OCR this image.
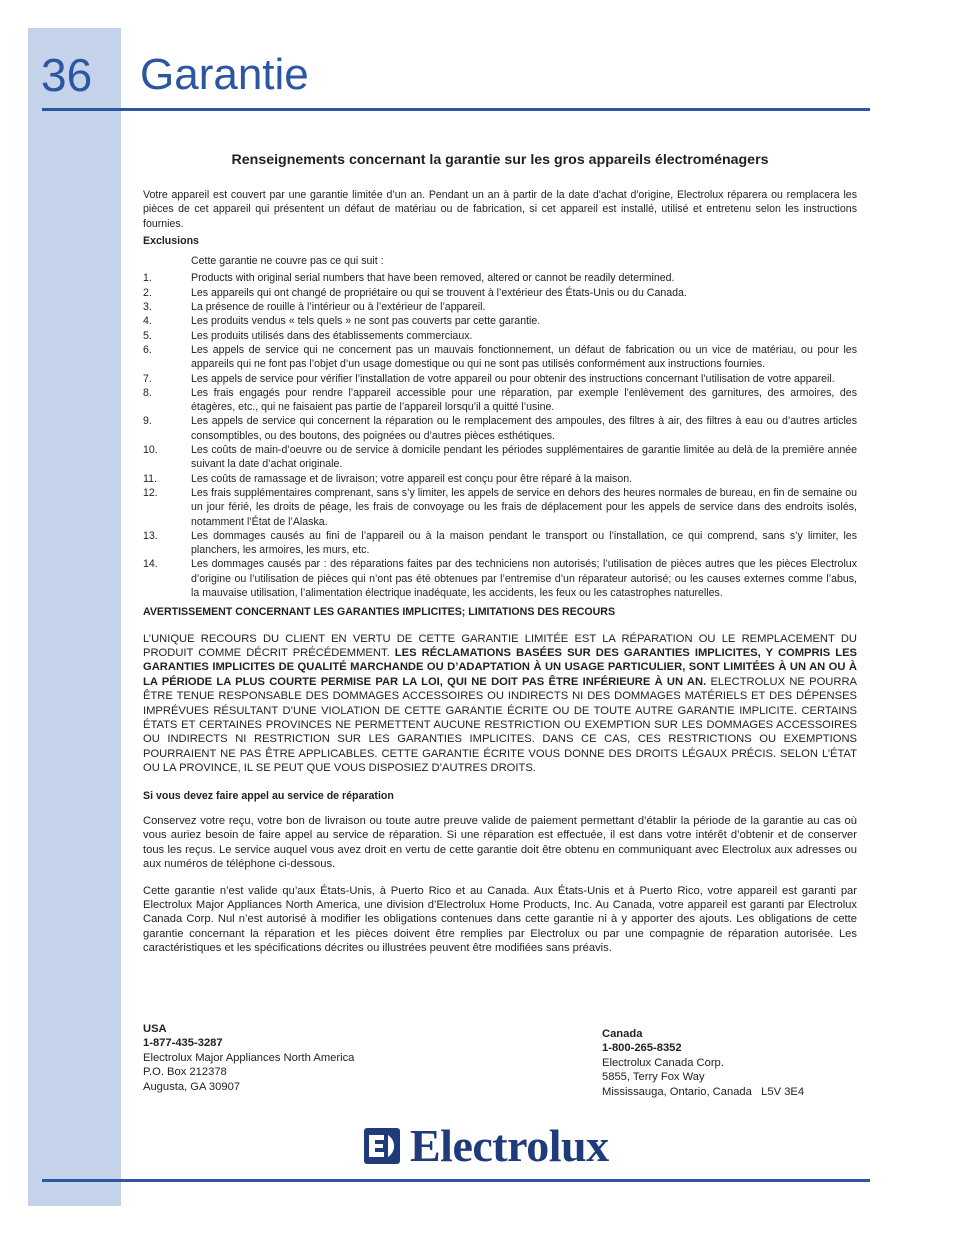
36 Garantie
Renseignements concernant la garantie sur les gros appareils électroménagers

Votre appareil est couvert par une garantie limitée d’un an. Pendant un an à partir de la date d'achat d'origine, Electrolux réparera ou remplacera les pièces de cet appareil qui présentent un défaut de matériau ou de fabrication, si cet appareil est installé, utilisé et entretenu selon les instructions fournies.

Exclusions

Cette garantie ne couvre pas ce qui suit :

1.	Products with original serial numbers that have been removed, altered or cannot be readily determined.
2.	Les appareils qui ont changé de propriétaire ou qui se trouvent à l’extérieur des États-Unis ou du Canada.
3.	La présence de rouille à l’intérieur ou à l’extérieur de l’appareil.
4.	Les produits vendus « tels quels » ne sont pas couverts par cette garantie.
5.	Les produits utilisés dans des établissements commerciaux.
6.	Les appels de service qui ne concernent pas un mauvais fonctionnement, un défaut de fabrication ou un vice de matériau, ou pour les appareils qui ne font pas l’objet d’un usage domestique ou qui ne sont pas utilisés conformément aux instructions fournies.
7.	Les appels de service pour vérifier l’installation de votre appareil ou pour obtenir des instructions concernant l’utilisation de votre appareil.
8.	Les frais engagés pour rendre l’appareil accessible pour une réparation, par exemple l’enlèvement des garnitures, des armoires, des étagères, etc., qui ne faisaient pas partie de l’appareil lorsqu’il a quitté l’usine.
9.	Les appels de service qui concernent la réparation ou le remplacement des ampoules, des filtres à air, des filtres à eau ou d’autres articles consomptibles, ou des boutons, des poignées ou d’autres pièces esthétiques.
10.	Les coûts de main-d’oeuvre ou de service à domicile pendant les périodes supplémentaires de garantie limitée au delà de la première année suivant la date d’achat originale.
11.	Les coûts de ramassage et de livraison; votre appareil est conçu pour être réparé à la maison.
12.	Les frais supplémentaires comprenant, sans s’y limiter, les appels de service en dehors des heures normales de bureau, en fin de semaine ou un jour férié, les droits de péage, les frais de convoyage ou les frais de déplacement pour les appels de service dans des endroits isolés, notamment l’État de l’Alaska.
13.	Les dommages causés au fini de l’appareil ou à la maison pendant le transport ou l’installation, ce qui comprend, sans s’y limiter, les planchers, les armoires, les murs, etc.
14.	Les dommages causés par : des réparations faites par des techniciens non autorisés; l’utilisation de pièces autres que les pièces Electrolux d’origine ou l’utilisation de pièces qui n’ont pas été obtenues par l’entremise d’un réparateur autorisé; ou les causes externes comme l’abus, la mauvaise utilisation, l’alimentation électrique inadéquate, les accidents, les feux ou les catastrophes naturelles.

AVERTISSEMENT CONCERNANT LES GARANTIES IMPLICITES; LIMITATIONS DES RECOURS

L’UNIQUE RECOURS DU CLIENT EN VERTU DE CETTE GARANTIE LIMITÉE EST LA RÉPARATION OU LE REMPLACEMENT DU PRODUIT COMME DÉCRIT PRÉCÉDEMMENT. LES RÉCLAMATIONS BASÉES SUR DES GARANTIES IMPLICITES, Y COMPRIS LES GARANTIES IMPLICITES DE QUALITÉ MARCHANDE OU D’ADAPTATION À UN USAGE PARTICULIER, SONT LIMITÉES À UN AN OU À LA PÉRIODE LA PLUS COURTE PERMISE PAR LA LOI, QUI NE DOIT PAS ÊTRE INFÉRIEURE À UN AN. ELECTROLUX NE POURRA ÊTRE TENUE RESPONSABLE DES DOMMAGES ACCESSOIRES OU INDIRECTS NI DES DOMMAGES MATÉRIELS ET DES DÉPENSES IMPRÉVUES RÉSULTANT D’UNE VIOLATION DE CETTE GARANTIE ÉCRITE OU DE TOUTE AUTRE GARANTIE IMPLICITE. CERTAINS ÉTATS ET CERTAINES PROVINCES NE PERMETTENT AUCUNE RESTRICTION OU EXEMPTION SUR LES DOMMAGES ACCESSOIRES OU INDIRECTS NI RESTRICTION SUR LES GARANTIES IMPLICITES. DANS CE CAS, CES RESTRICTIONS OU EXEMPTIONS POURRAIENT NE PAS ÊTRE APPLICABLES. CETTE GARANTIE ÉCRITE VOUS DONNE DES DROITS LÉGAUX PRÉCIS. SELON L’ÉTAT OU LA PROVINCE, IL SE PEUT QUE VOUS DISPOSIEZ D’AUTRES DROITS.

Si vous devez faire appel au service de réparation

Conservez votre reçu, votre bon de livraison ou toute autre preuve valide de paiement permettant d’établir la période de la garantie au cas où vous auriez besoin de faire appel au service de réparation. Si une réparation est effectuée, il est dans votre intérêt d’obtenir et de conserver tous les reçus. Le service auquel vous avez droit en vertu de cette garantie doit être obtenu en communiquant avec Electrolux aux adresses ou aux numéros de téléphone ci-dessous.

Cette garantie n’est valide qu’aux États-Unis, à Puerto Rico et au Canada. Aux États-Unis et à Puerto Rico, votre appareil est garanti par Electrolux Major Appliances North America, une division d’Electrolux Home Products, Inc. Au Canada, votre appareil est garanti par Electrolux Canada Corp. Nul n’est autorisé à modifier les obligations contenues dans cette garantie ni à y apporter des ajouts. Les obligations de cette garantie concernant la réparation et les pièces doivent être remplies par Electrolux ou par une compagnie de réparation autorisée. Les caractéristiques et les spécifications décrites ou illustrées peuvent être modifiées sans préavis.

USA
1-877-435-3287
Electrolux Major Appliances North America
P.O. Box 212378
Augusta, GA 30907
Canada
1-800-265-8352
Electrolux Canada Corp.
5855, Terry Fox Way
Mississauga, Ontario, Canada   L5V 3E4
Electrolux
